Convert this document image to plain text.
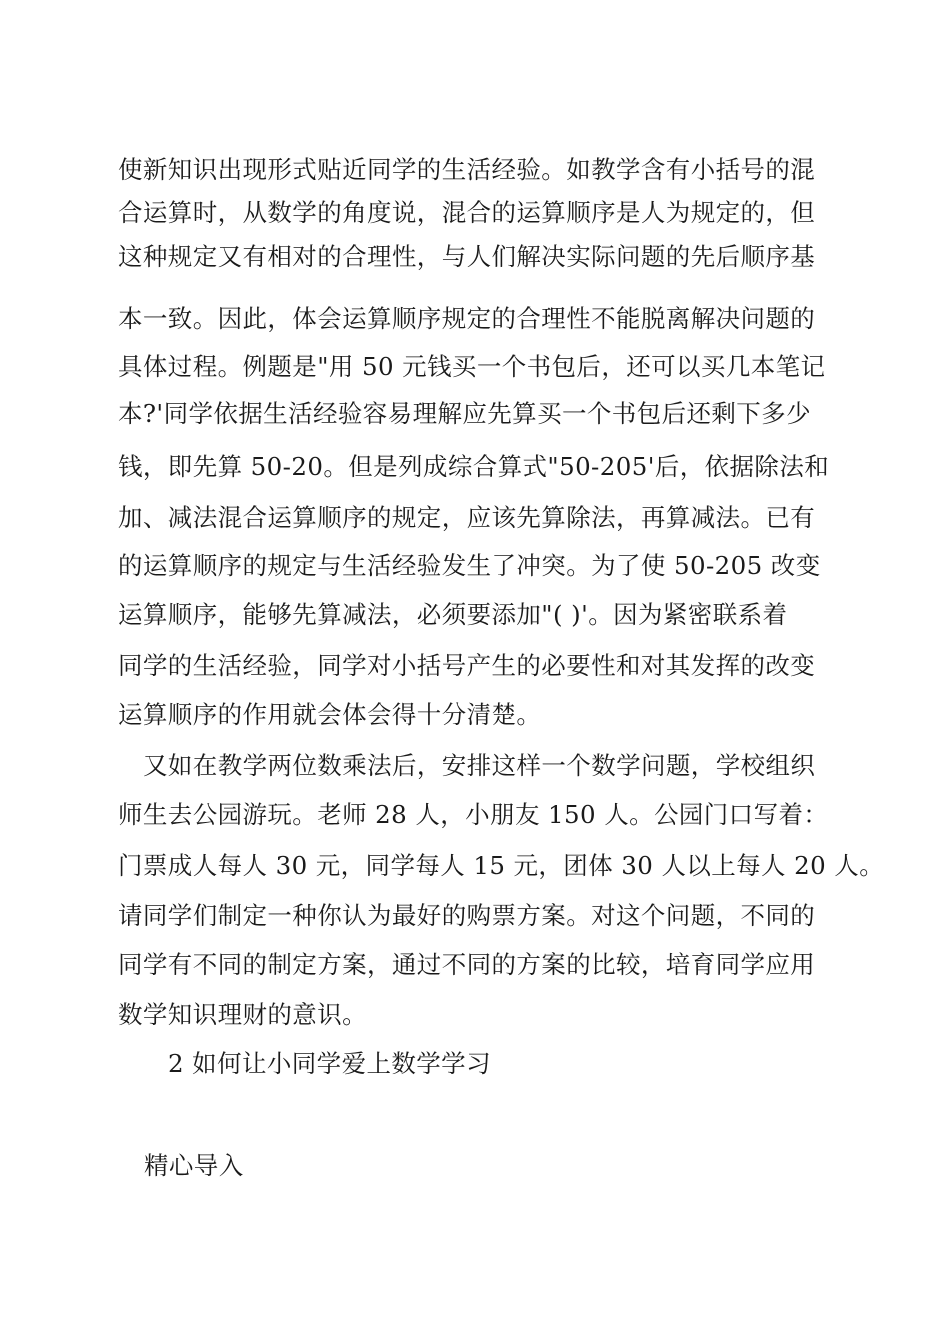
使新知识出现形式贴近同学的生活经验。如教学含有小括号的混
合运算时，从数学的角度说，混合的运算顺序是人为规定的，但
这种规定又有相对的合理性，与人们解决实际问题的先后顺序基
本一致。因此，体会运算顺序规定的合理性不能脱离解决问题的
具体过程。例题是"用 50 元钱买一个书包后，还可以买几本笔记
本?'同学依据生活经验容易理解应先算买一个书包后还剩下多少
钱，即先算 50-20。但是列成综合算式"50-205'后，依据除法和
加、减法混合运算顺序的规定，应该先算除法，再算减法。已有
的运算顺序的规定与生活经验发生了冲突。为了使 50-205 改变
运算顺序，能够先算减法，必须要添加"( )'。因为紧密联系着
同学的生活经验，同学对小括号产生的必要性和对其发挥的改变
运算顺序的作用就会体会得十分清楚。
又如在教学两位数乘法后，安排这样一个数学问题，学校组织
师生去公园游玩。老师 28 人，小朋友 150 人。公园门口写着：
门票成人每人 30 元，同学每人 15 元，团体 30 人以上每人 20 人。
请同学们制定一种你认为最好的购票方案。对这个问题，不同的
同学有不同的制定方案，通过不同的方案的比较，培育同学应用
数学知识理财的意识。
2 如何让小同学爱上数学学习
精心导入
